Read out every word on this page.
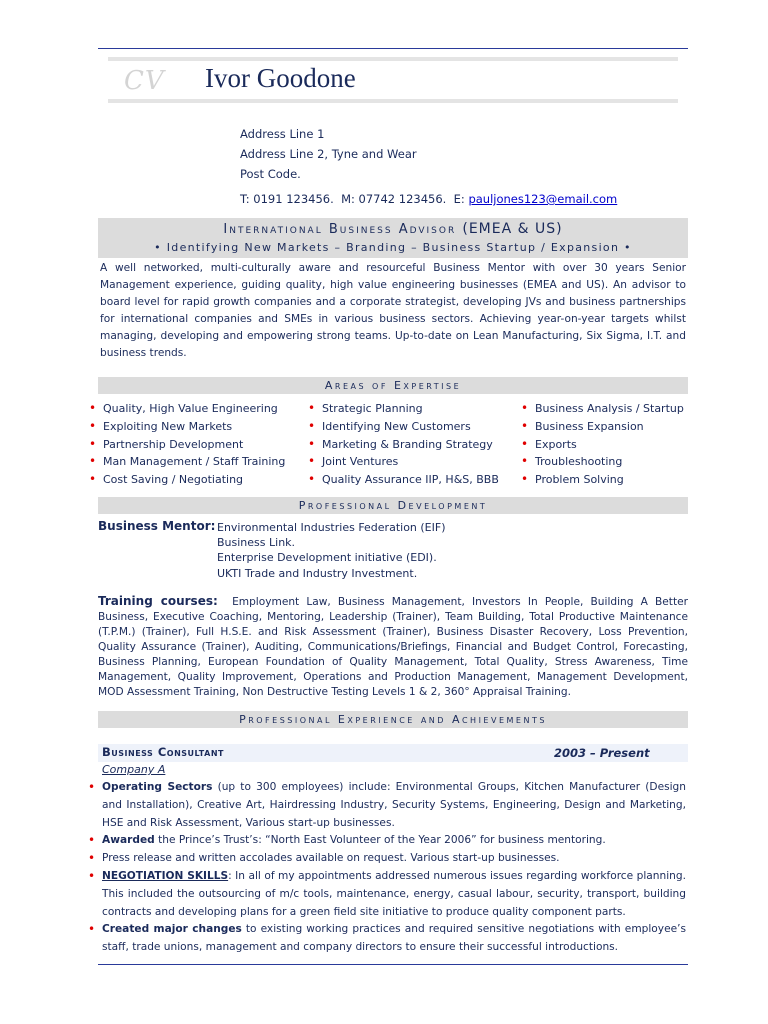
CV Ivor Goodone
Address Line 1
Address Line 2, Tyne and Wear
Post Code.
T: 0191 123456.  M: 07742 123456.  E: pauljones123@email.com
International Business Advisor (EMEA & US)
• Identifying New Markets – Branding – Business Startup / Expansion •
A well networked, multi-culturally aware and resourceful Business Mentor with over 30 years Senior Management experience, guiding quality, high value engineering businesses (EMEA and US). An advisor to board level for rapid growth companies and a corporate strategist, developing JVs and business partnerships for international companies and SMEs in various business sectors. Achieving year-on-year targets whilst managing, developing and empowering strong teams. Up-to-date on Lean Manufacturing, Six Sigma, I.T. and business trends.
Areas of Expertise
• Quality, High Value Engineering
• Exploiting New Markets
• Partnership Development
• Man Management / Staff Training
• Cost Saving / Negotiating
• Strategic Planning
• Identifying New Customers
• Marketing & Branding Strategy
• Joint Ventures
• Quality Assurance IIP, H&S, BBB
• Business Analysis / Startup
• Business Expansion
• Exports
• Troubleshooting
• Problem Solving
Professional Development
Business Mentor: Environmental Industries Federation (EIF)
Business Link.
Enterprise Development initiative (EDI).
UKTI Trade and Industry Investment.
Training courses: Employment Law, Business Management, Investors In People, Building A Better Business, Executive Coaching, Mentoring, Leadership (Trainer), Team Building, Total Productive Maintenance (T.P.M.) (Trainer), Full H.S.E. and Risk Assessment (Trainer), Business Disaster Recovery, Loss Prevention, Quality Assurance (Trainer), Auditing, Communications/Briefings, Financial and Budget Control, Forecasting, Business Planning, European Foundation of Quality Management, Total Quality, Stress Awareness, Time Management, Quality Improvement, Operations and Production Management, Management Development, MOD Assessment Training, Non Destructive Testing Levels 1 & 2, 360° Appraisal Training.
Professional Experience and Achievements
Business Consultant	2003 – Present
Company A
• Operating Sectors (up to 300 employees) include: Environmental Groups, Kitchen Manufacturer (Design and Installation), Creative Art, Hairdressing Industry, Security Systems, Engineering, Design and Marketing, HSE and Risk Assessment, Various start-up businesses.
• Awarded the Prince’s Trust’s: “North East Volunteer of the Year 2006” for business mentoring.
• Press release and written accolades available on request. Various start-up businesses.
• NEGOTIATION SKILLS: In all of my appointments addressed numerous issues regarding workforce planning. This included the outsourcing of m/c tools, maintenance, energy, casual labour, security, transport, building contracts and developing plans for a green field site initiative to produce quality component parts.
• Created major changes to existing working practices and required sensitive negotiations with employee’s staff, trade unions, management and company directors to ensure their successful introductions.
